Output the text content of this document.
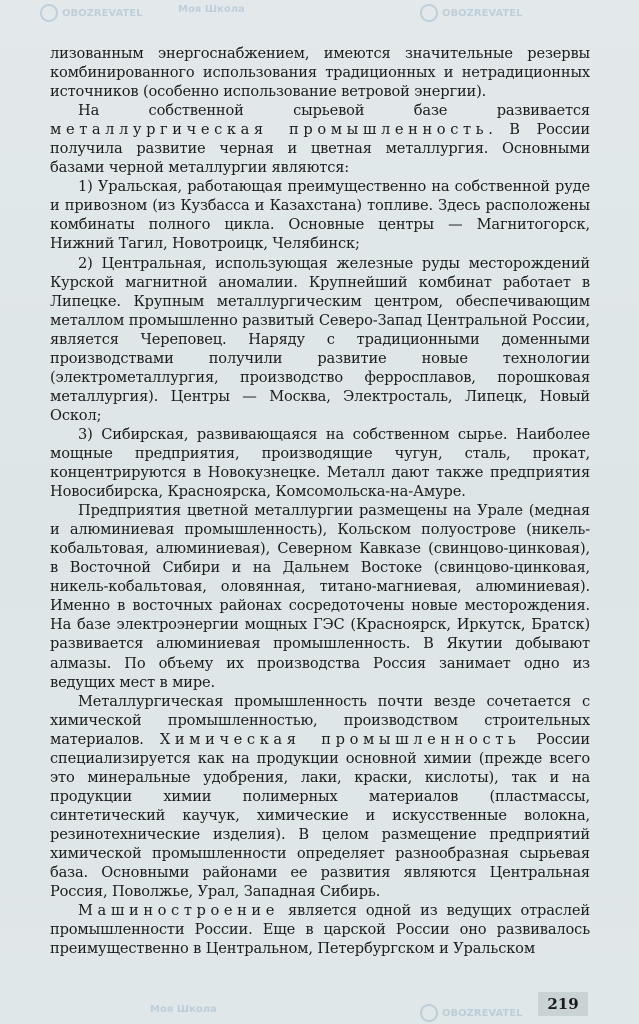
OBOZREVATEL	Моя Школа	OBOZREVATEL
Моя Школа	OBOZREVATEL

лизованным энергоснабжением, имеются значительные резервы комбинированного использования традиционных и нетрадиционных источников (особенно использование ветровой энергии).

На собственной сырьевой базе развивается металлургическая промышленность. В России получила развитие черная и цветная металлургия. Основными базами черной металлургии являются:

1) Уральская, работающая преимущественно на собственной руде и привозном (из Кузбасса и Казахстана) топливе. Здесь расположены комбинаты полного цикла. Основные центры — Магнитогорск, Нижний Тагил, Новотроицк, Челябинск;

2) Центральная, использующая железные руды месторождений Курской магнитной аномалии. Крупнейший комбинат работает в Липецке. Крупным металлургическим центром, обеспечивающим металлом промышленно развитый Северо-Запад Центральной России, является Череповец. Наряду с традиционными доменными производствами получили развитие новые технологии (электрометаллургия, производство ферросплавов, порошковая металлургия). Центры — Москва, Электросталь, Липецк, Новый Оскол;

3) Сибирская, развивающаяся на собственном сырье. Наиболее мощные предприятия, производящие чугун, сталь, прокат, концентрируются в Новокузнецке. Металл дают также предприятия Новосибирска, Красноярска, Комсомольска-на-Амуре.

Предприятия цветной металлургии размещены на Урале (медная и алюминиевая промышленность), Кольском полуострове (никель-кобальтовая, алюминиевая), Северном Кавказе (свинцово-цинковая), в Восточной Сибири и на Дальнем Востоке (свинцово-цинковая, никель-кобальтовая, оловянная, титано-магниевая, алюминиевая). Именно в восточных районах сосредоточены новые месторождения. На базе электроэнергии мощных ГЭС (Красноярск, Иркутск, Братск) развивается алюминиевая промышленность. В Якутии добывают алмазы. По объему их производства Россия занимает одно из ведущих мест в мире.

Металлургическая промышленность почти везде сочетается с химической промышленностью, производством строительных материалов. Химическая промышленность России специализируется как на продукции основной химии (прежде всего это минеральные удобрения, лаки, краски, кислоты), так и на продукции химии полимерных материалов (пластмассы, синтетический каучук, химические и искусственные волокна, резинотехнические изделия). В целом размещение предприятий химической промышленности определяет разнообразная сырьевая база. Основными районами ее развития являются Центральная Россия, Поволжье, Урал, Западная Сибирь.

Машиностроение является одной из ведущих отраслей промышленности России. Еще в царской России оно развивалось преимущественно в Центральном, Петербургском и Уральском

219
